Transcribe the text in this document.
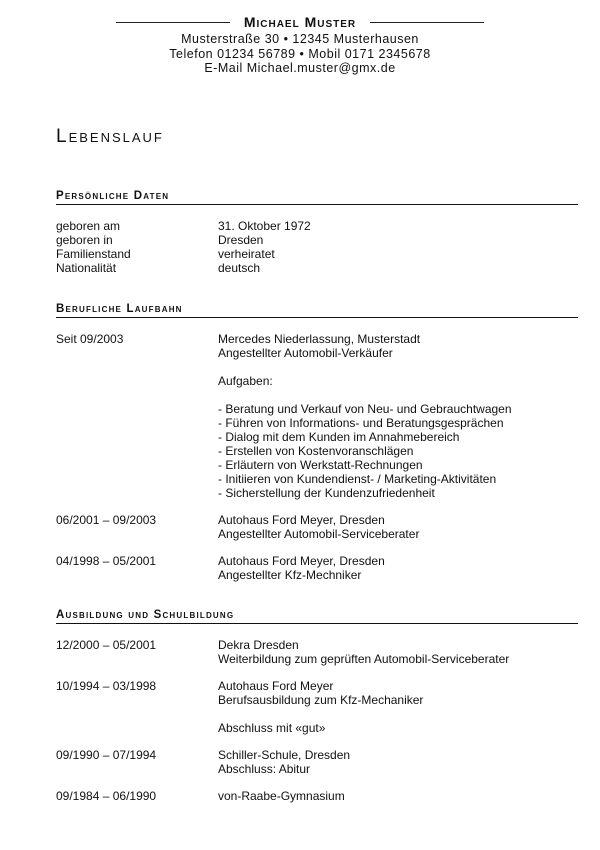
Michael Muster
Musterstraße 30 • 12345 Musterhausen
Telefon 01234 56789 • Mobil 0171 2345678
E-Mail Michael.muster@gmx.de
Lebenslauf
Persönliche Daten
geboren am	31. Oktober 1972
geboren in	Dresden
Familienstand	verheiratet
Nationalität	deutsch
Berufliche Laufbahn
Seit 09/2003	Mercedes Niederlassung, Musterstadt
Angestellter Automobil-Verkäufer
Aufgaben:
- Beratung und Verkauf von Neu- und Gebrauchtwagen
- Führen von Informations- und Beratungsgesprächen
- Dialog mit dem Kunden im Annahmebereich
- Erstellen von Kostenvoranschlägen
- Erläutern von Werkstatt-Rechnungen
- Initiieren von Kundendienst- / Marketing-Aktivitäten
- Sicherstellung der Kundenzufriedenheit
06/2001 – 09/2003	Autohaus Ford Meyer, Dresden
Angestellter Automobil-Serviceberater
04/1998 – 05/2001	Autohaus Ford Meyer, Dresden
Angestellter Kfz-Mechniker
Ausbildung und Schulbildung
12/2000 – 05/2001	Dekra Dresden
Weiterbildung zum geprüften Automobil-Serviceberater
10/1994 – 03/1998	Autohaus Ford Meyer
Berufsausbildung zum Kfz-Mechaniker
Abschluss mit «gut»
09/1990 – 07/1994	Schiller-Schule, Dresden
Abschluss: Abitur
09/1984 – 06/1990	von-Raabe-Gymnasium
